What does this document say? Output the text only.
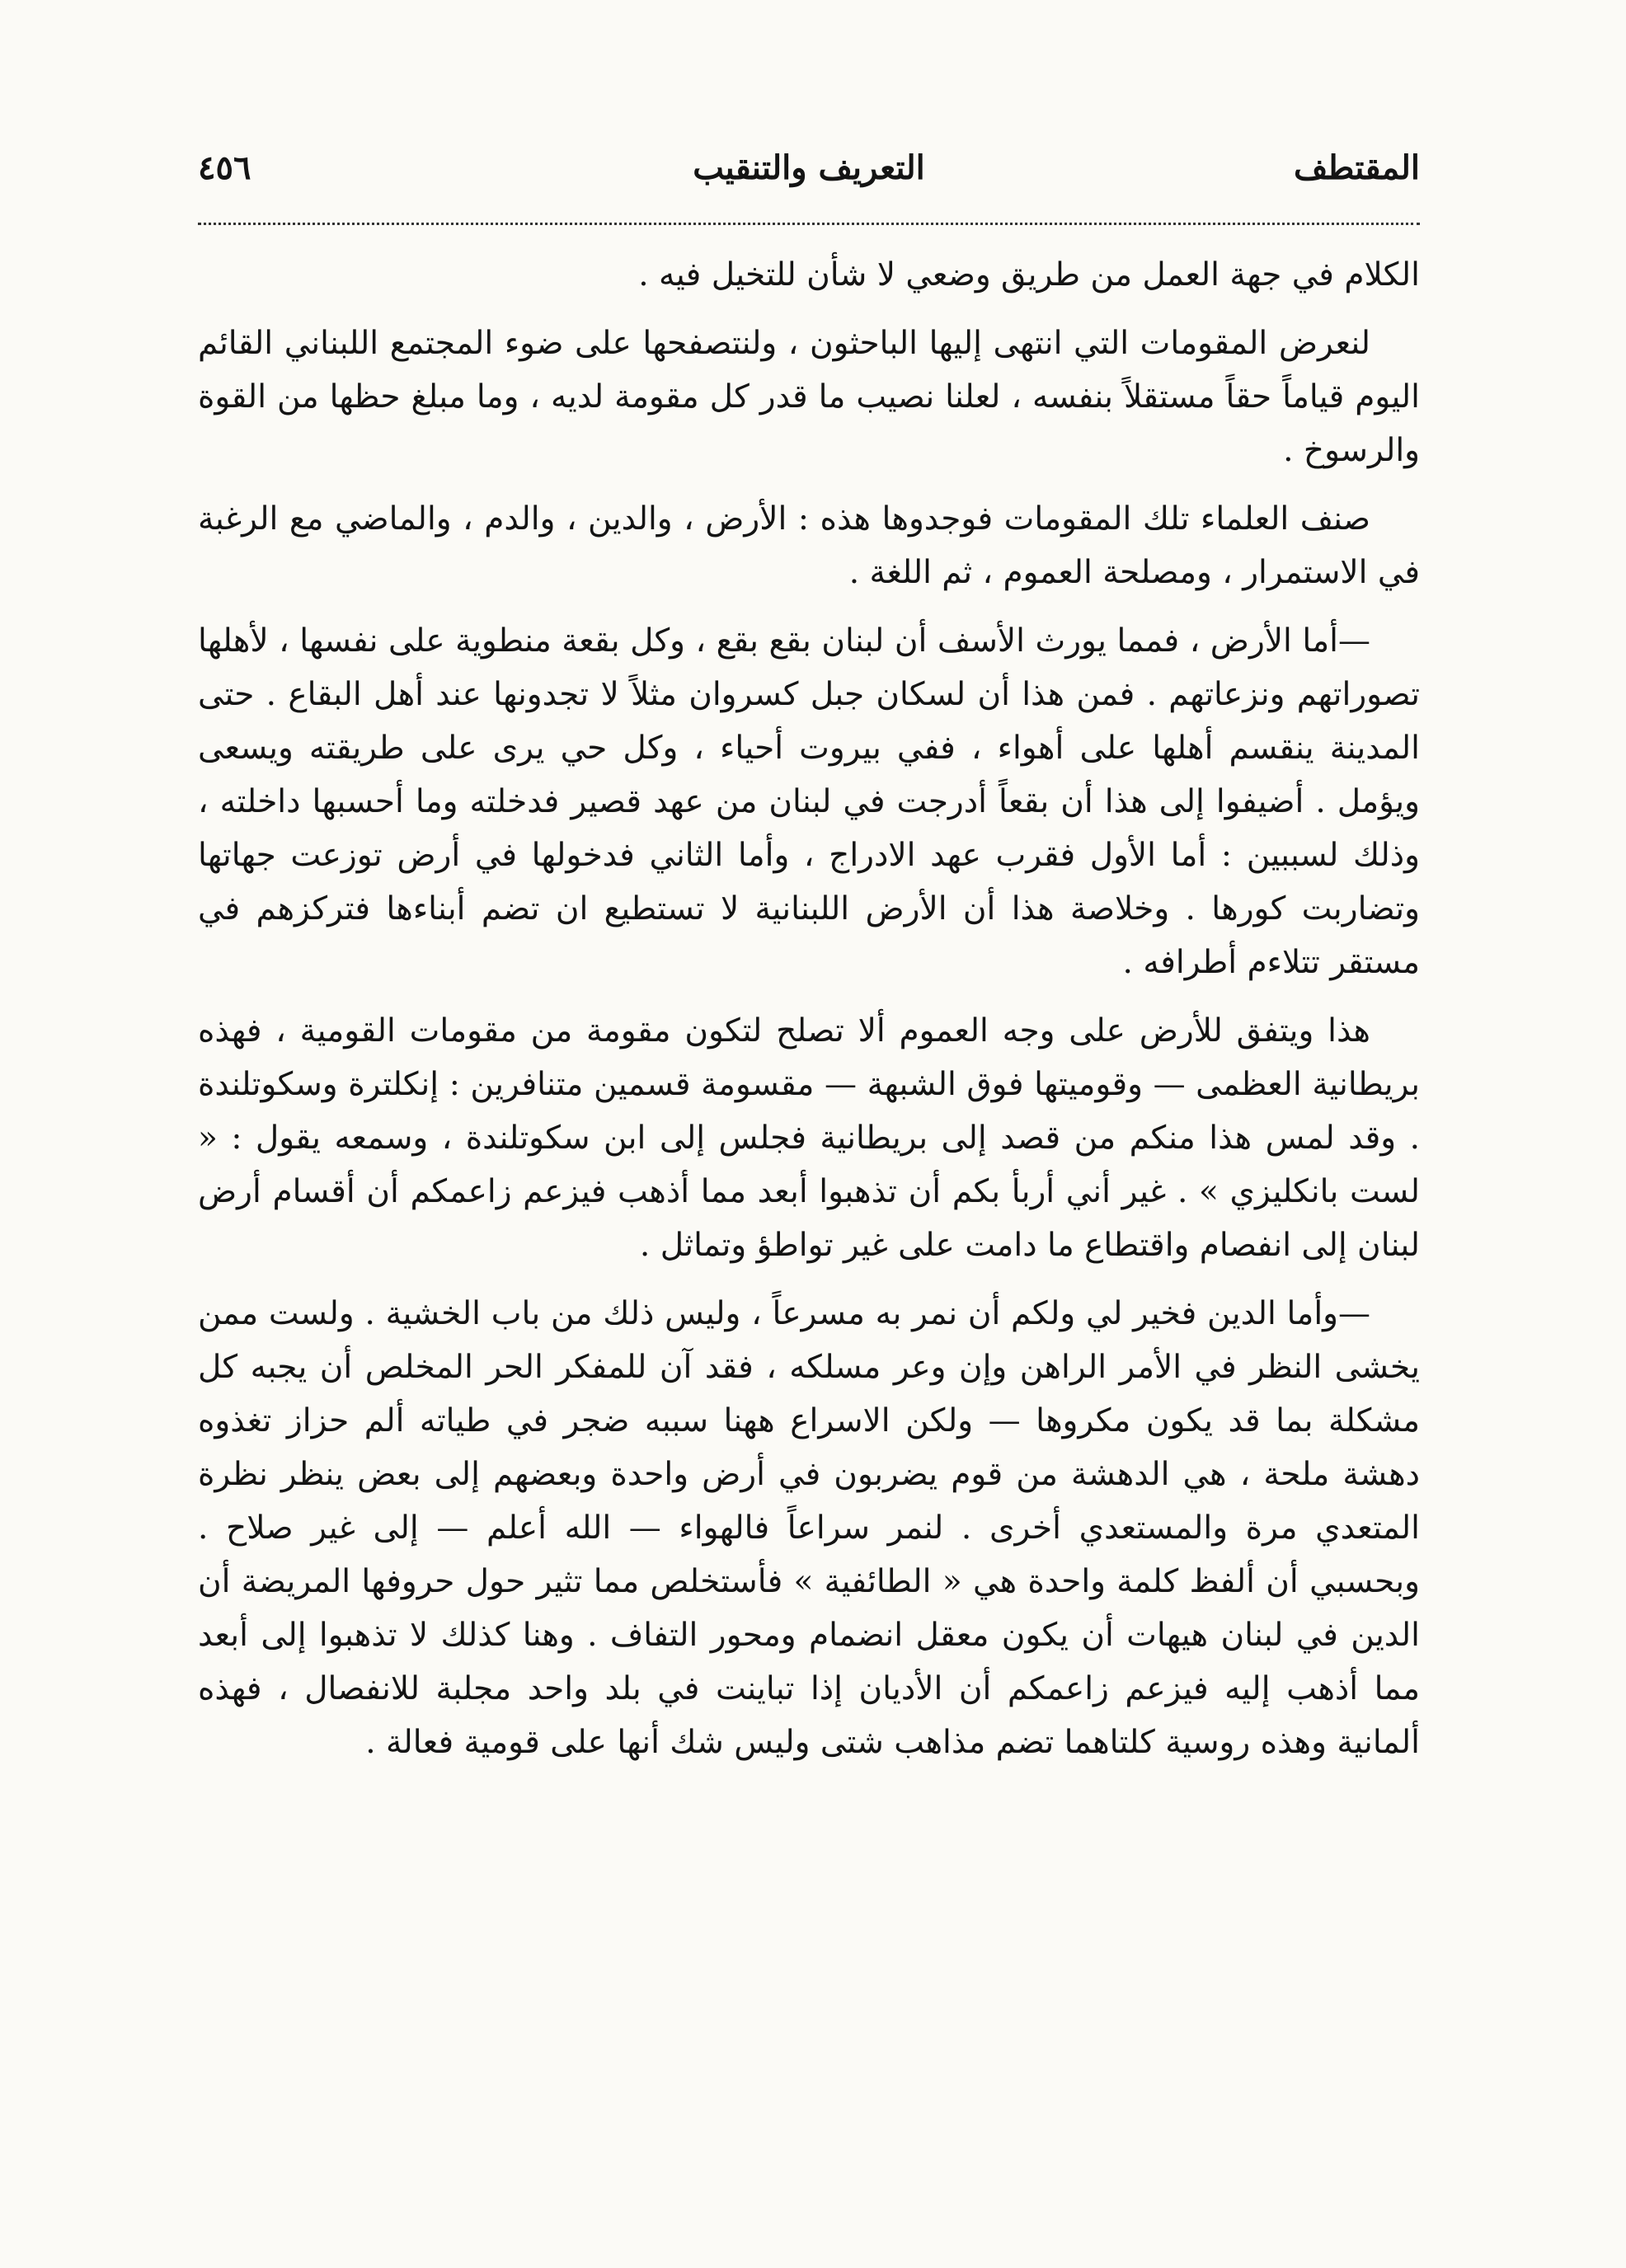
المقتطف
التعريف والتنقيب
٤٥٦

الكلام في جهة العمل من طريق وضعي لا شأن للتخيل فيه .

لنعرض المقومات التي انتهى إليها الباحثون ، ولنتصفحها على ضوء المجتمع اللبناني القائم اليوم قياماً حقاً مستقلاً بنفسه ، لعلنا نصيب ما قدر كل مقومة لديه ، وما مبلغ حظها من القوة والرسوخ .

صنف العلماء تلك المقومات فوجدوها هذه : الأرض ، والدين ، والدم ، والماضي مع الرغبة في الاستمرار ، ومصلحة العموم ، ثم اللغة .

—أما الأرض ، فمما يورث الأسف أن لبنان بقع بقع ، وكل بقعة منطوية على نفسها ، لأهلها تصوراتهم ونزعاتهم . فمن هذا أن لسكان جبل كسروان مثلاً لا تجدونها عند أهل البقاع . حتى المدينة ينقسم أهلها على أهواء ، ففي بيروت أحياء ، وكل حي يرى على طريقته ويسعى ويؤمل . أضيفوا إلى هذا أن بقعاً أدرجت في لبنان من عهد قصير فدخلته وما أحسبها داخلته ، وذلك لسببين : أما الأول فقرب عهد الادراج ، وأما الثاني فدخولها في أرض توزعت جهاتها وتضاربت كورها . وخلاصة هذا أن الأرض اللبنانية لا تستطيع ان تضم أبناءها فتركزهم في مستقر تتلاءم أطرافه .

هذا ويتفق للأرض على وجه العموم ألا تصلح لتكون مقومة من مقومات القومية ، فهذه بريطانية العظمى — وقوميتها فوق الشبهة — مقسومة قسمين متنافرين : إنكلترة وسكوتلندة . وقد لمس هذا منكم من قصد إلى بريطانية فجلس إلى ابن سكوتلندة ، وسمعه يقول : « لست بانكليزي » . غير أني أربأ بكم أن تذهبوا أبعد مما أذهب فيزعم زاعمكم أن أقسام أرض لبنان إلى انفصام واقتطاع ما دامت على غير تواطؤ وتماثل .

—وأما الدين فخير لي ولكم أن نمر به مسرعاً ، وليس ذلك من باب الخشية . ولست ممن يخشى النظر في الأمر الراهن وإن وعر مسلكه ، فقد آن للمفكر الحر المخلص أن يجبه كل مشكلة بما قد يكون مكروها — ولكن الاسراع ههنا سببه ضجر في طياته ألم حزاز تغذوه دهشة ملحة ، هي الدهشة من قوم يضربون في أرض واحدة وبعضهم إلى بعض ينظر نظرة المتعدي مرة والمستعدي أخرى . لنمر سراعاً فالهواء — الله أعلم — إلى غير صلاح . وبحسبي أن ألفظ كلمة واحدة هي « الطائفية » فأستخلص مما تثير حول حروفها المريضة أن الدين في لبنان هيهات أن يكون معقل انضمام ومحور التفاف . وهنا كذلك لا تذهبوا إلى أبعد مما أذهب إليه فيزعم زاعمكم أن الأديان إذا تباينت في بلد واحد مجلبة للانفصال ، فهذه ألمانية وهذه روسية كلتاهما تضم مذاهب شتى وليس شك أنها على قومية فعالة .
